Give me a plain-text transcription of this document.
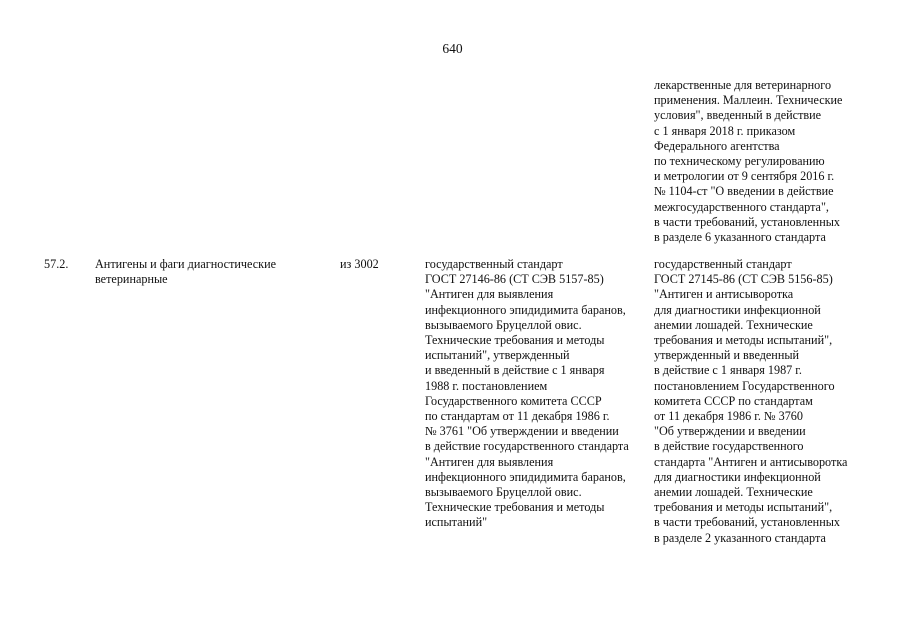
640
лекарственные для ветеринарного
применения. Маллеин. Технические
условия", введенный в действие
с 1 января 2018 г. приказом
Федерального агентства
по техническому регулированию
и метрологии от 9 сентября 2016 г.
№ 1104-ст "О введении в действие
межгосударственного стандарта",
в части требований, установленных
в разделе 6 указанного стандарта
57.2. Антигены и фаги диагностические
ветеринарные
из 3002	государственный стандарт
ГОСТ 27146-86 (СТ СЭВ 5157-85)
"Антиген для выявления
инфекционного эпидидимита баранов,
вызываемого Бруцеллой овис.
Технические требования и методы
испытаний", утвержденный
и введенный в действие с 1 января
1988 г. постановлением
Государственного комитета СССР
по стандартам от 11 декабря 1986 г.
№ 3761 "Об утверждении и введении
в действие государственного стандарта
"Антиген для выявления
инфекционного эпидидимита баранов,
вызываемого Бруцеллой овис.
Технические требования и методы
испытаний"
государственный стандарт
ГОСТ 27145-86 (СТ СЭВ 5156-85)
"Антиген и антисыворотка
для диагностики инфекционной
анемии лошадей. Технические
требования и методы испытаний",
утвержденный и введенный
в действие с 1 января 1987 г.
постановлением Государственного
комитета СССР по стандартам
от 11 декабря 1986 г. № 3760
"Об утверждении и введении
в действие государственного
стандарта "Антиген и антисыворотка
для диагностики инфекционной
анемии лошадей. Технические
требования и методы испытаний",
в части требований, установленных
в разделе 2 указанного стандарта
